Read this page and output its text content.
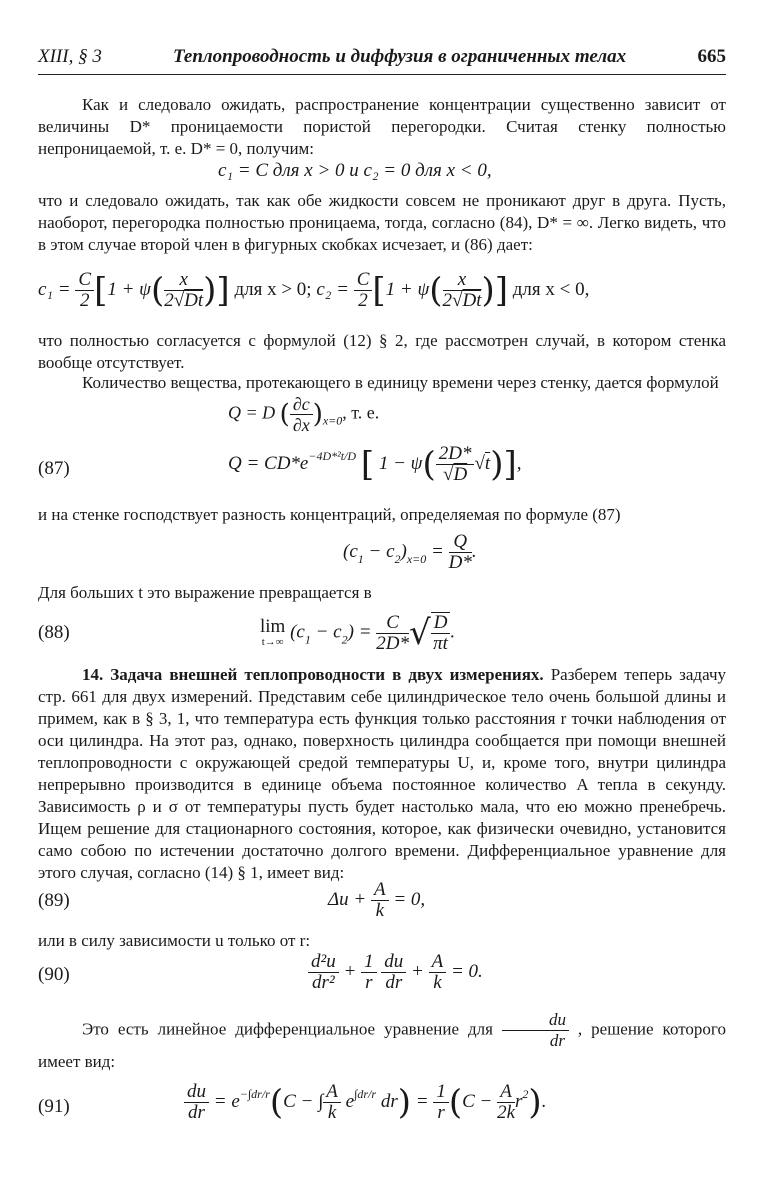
XIII, § 3	Теплопроводность и диффузия в ограниченных телах	665
Как и следовало ожидать, распространение концентрации существенно зависит от величины D* проницаемости пористой перегородки. Считая стенку полностью непроницаемой, т. е. D* = 0, получим:
c₁ = C для x > 0 и c₂ = 0 для x < 0,
что и следовало ожидать, так как обе жидкости совсем не проникают друг в друга. Пусть, наоборот, перегородка полностью проницаема, тогда, согласно (84), D* = ∞. Легко видеть, что в этом случае второй член в фигурных скобках исчезает, и (86) дает:
$c_1 = \frac{C}{2} [1 + \psi( \frac{x}{2√Dt}$ )] для x > 0; $c_2 = \frac{C}{2} [1 + \psi( \frac{x}{2√Dt}$ )] для x < 0,
что полностью согласуется с формулой (12) § 2, где рассмотрен случай, в котором стенка вообще отсутствует.
Количество вещества, протекающего в единицу времени через стенку, дается формулой
Q = D ( $\frac{\partial c}{\partial x} )_{x=0}$, т. е.
(87)	$Q = CD*e^{-4D*^2t/D}$ [ $1 - \psi( \frac{2D*}{√D} √t)$],
и на стенке господствует разность концентраций, определяемая по формуле (87)
$(c_1 - c_2)_{x=0} = \frac{Q}{D*}$ .
Для больших t это выражение превращается в
(88)	lim
t→∞ $(c_1 - c_2) = \frac{C}{2D*}$ √ $\frac{D}{\pi t}$ .
14. Задача внешней теплопроводности в двух измерениях. Разберем теперь задачу стр. 661 для двух измерений. Представим себе цилиндрическое тело очень большой длины и примем, как в § 3, 1, что температура есть функция только расстояния r точки наблюдения от оси цилиндра. На этот раз, однако, поверхность цилиндра сообщается при помощи внешней теплопроводности с окружающей средой температуры U, и, кроме того, внутри цилиндра непрерывно производится в единице объема постоянное количество A тепла в секунду. Зависимость ρ и σ от температуры пусть будет настолько мала, что ею можно пренебречь. Ищем решение для стационарного состояния, которое, как физически очевидно, установится само собою по истечении достаточно долгого времени. Дифференциальное уравнение для этого случая, согласно (14) § 1, имеет вид:
(89)	$\Delta u + \frac{A}{k} = 0$,
или в силу зависимости u только от r:
(90)	$\frac{\text{d²u}}{\text{dr²}} + \frac{1}{r}$
$\frac{du}{dr} + \frac{A}{k} = 0$.
Это есть линейное дифференциальное уравнение для $\frac{du}{dr}$ , решение которого имеет вид:
(91)	$\frac{du}{dr} = e^{-\int dr/r}(C$ − ∫ $\frac{A}{k} e^{\int dr/r}$ $dr) = \frac{1}{r} (C - \frac{A}{2k} r^2)$.
